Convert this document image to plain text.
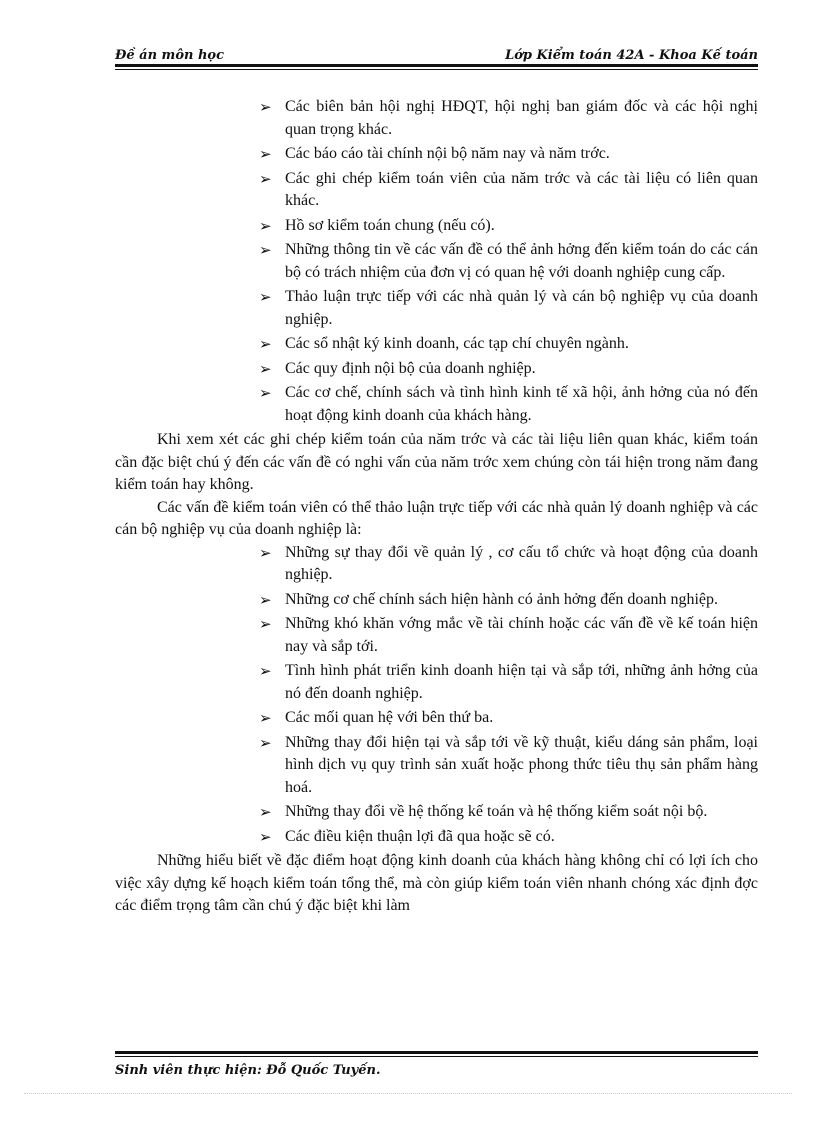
Đề án môn học	Lớp Kiểm toán 42A - Khoa Kế toán
➢ Các biên bản hội nghị HĐQT, hội nghị ban giám đốc và các hội nghị quan trọng khác.
➢ Các báo cáo tài chính nội bộ năm nay và năm trớc.
➢ Các ghi chép kiểm toán viên của năm trớc và các tài liệu có liên quan khác.
➢ Hồ sơ kiểm toán chung (nếu có).
➢ Những thông tin về các vấn đề có thể ảnh hởng đến kiểm toán do các cán bộ có trách nhiệm của đơn vị có quan hệ với doanh nghiệp cung cấp.
➢ Thảo luận trực tiếp với các nhà quản lý và cán bộ nghiệp vụ của doanh nghiệp.
➢ Các sổ nhật ký kinh doanh, các tạp chí chuyên ngành.
➢ Các quy định nội bộ của doanh nghiệp.
➢ Các cơ chế, chính sách và tình hình kinh tế xã hội, ảnh hởng của nó đến hoạt động kinh doanh của khách hàng.

Khi xem xét các ghi chép kiểm toán của năm trớc và các tài liệu liên quan khác, kiểm toán cần đặc biệt chú ý đến các vấn đề có nghi vấn của năm trớc xem chúng còn tái hiện trong năm đang kiểm toán hay không.

Các vấn đề kiểm toán viên có thể thảo luận trực tiếp với các nhà quản lý doanh nghiệp và các cán bộ nghiệp vụ của doanh nghiệp là:

➢ Những sự thay đổi về quản lý , cơ cấu tổ chức và hoạt động của doanh nghiệp.
➢ Những cơ chế chính sách hiện hành có ảnh hởng đến doanh nghiệp.
➢ Những khó khăn vớng mắc về tài chính hoặc các vấn đề về kế toán hiện nay và sắp tới.
➢ Tình hình phát triển kinh doanh hiện tại và sắp tới, những ảnh hởng của nó đến doanh nghiệp.
➢ Các mối quan hệ với bên thứ ba.
➢ Những thay đổi hiện tại và sắp tới về kỹ thuật, kiểu dáng sản phẩm, loại hình dịch vụ quy trình sản xuất hoặc phong thức tiêu thụ sản phẩm hàng hoá.
➢ Những thay đổi về hệ thống kế toán và hệ thống kiểm soát nội bộ.
➢ Các điều kiện thuận lợi đã qua hoặc sẽ có.

Những hiểu biết về đặc điểm hoạt động kinh doanh của khách hàng không chỉ có lợi ích cho việc xây dựng kế hoạch kiểm toán tổng thể, mà còn giúp kiểm toán viên nhanh chóng xác định đợc các điểm trọng tâm cần chú ý đặc biệt khi làm

Sinh viên thực hiện: Đỗ Quốc Tuyến.
